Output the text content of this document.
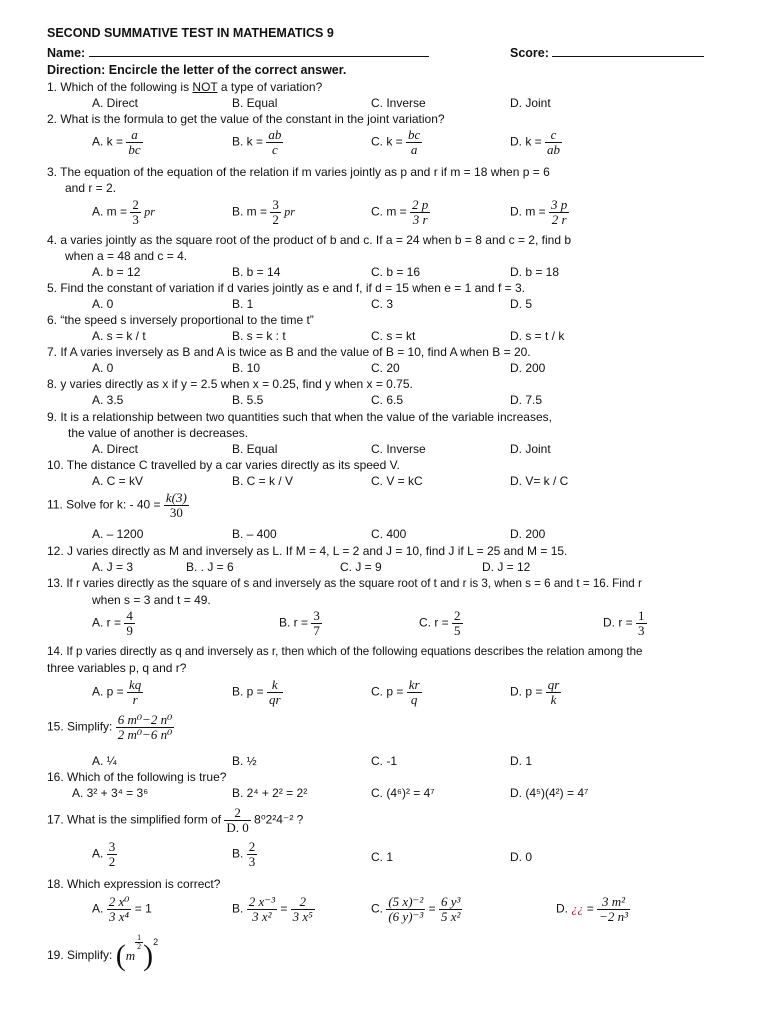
SECOND SUMMATIVE TEST IN MATHEMATICS 9
Name:	Score:
Direction: Encircle the letter of the correct answer.
1. Which of the following is NOT a type of variation?
A. Direct	B. Equal	C. Inverse	D. Joint
2. What is the formula to get the value of the constant in the joint variation?
A. $k = \frac{a}{bc}$	B. $k = \frac{ab}{c}$	C. $k = \frac{bc}{a}$	D. $k = \frac{c}{ab}$
3. The equation of the equation of the relation if m varies jointly as p and r if m = 18 when p = 6
and r = 2.
A. $m = \frac{2}{3}$ pr	B. $m = \frac{3}{2}$ pr	C. $m = \frac{2 p}{3 r}$	D. $m = \frac{3 p}{2 r}$
4. a varies jointly as the square root of the product of b and c. If a = 24 when b = 8 and c = 2, find b
when a = 48 and c = 4.
A. b = 12	B. b = 14	C. b = 16	D. b = 18
5. Find the constant of variation if d varies jointly as e and f, if d = 15 when e = 1 and f = 3.
A. 0	B. 1	C. 3	D. 5
6. “the speed s inversely proportional to the time t”
A. s = k / t	B. s = k : t	C. s = kt	D. s = t / k
7. If A varies inversely as B and A is twice as B and the value of B = 10, find A when B = 20.
A. 0	B. 10	C. 20	D. 200
8. y varies directly as x if y = 2.5 when x = 0.25, find y when x = 0.75.
A. 3.5	B. 5.5	C. 6.5	D. 7.5
9. It is a relationship between two quantities such that when the value of the variable increases,
the value of another is decreases.
A. Direct	B. Equal	C. Inverse	D. Joint
10. The distance C travelled by a car varies directly as its speed V.
A. C = kV	B. C = k / V	C. V = kC	D. V= k / C
11. Solve for k: - $40 = \frac{k(3)}{30}$
A. – 1200	B. – 400	C. 400	D. 200
12. J varies directly as M and inversely as L. If M = 4, L = 2 and J = 10, find J if L = 25 and M = 15.
A. J = 3	B. . J = 6	C. J = 9	D. J = 12
13. If r varies directly as the square of s and inversely as the square root of t and r is 3, when s = 6 and t = 16. Find r
when s = 3 and t = 49.
A. $r = \frac{4}{9}$	B. $r = \frac{3}{7}$	C. $r = \frac{2}{5}$	D. $r = \frac{1}{3}$
14. If p varies directly as q and inversely as r, then which of the following equations describes the relation among the
three variables p, q and r?
A. $p = \frac{kq}{r}$	B. $p = \frac{k}{qr}$	C. $p = \frac{kr}{q}$	D. $p = \frac{qr}{k}$
15. Simplify: $\frac{\text{6 m⁰−2 n⁰}}{\text{2 m⁰−6 n⁰}}$
A. ¼	B. ½	C. -1	D. 1
16. Which of the following is true?
A. 3² + 3⁴ = 3⁶	B. 2⁴ + 2² = 2²	C. (4⁶)² = 4⁷	D. (4⁵)(4²) = 4⁷
17. What is the simplified form of $\frac{2}{D. 0} 8^02^24^{-2}$ ?
A. $\frac{3}{2}$	B. $\frac{2}{3}$	C. 1	D. 0
18. Which expression is correct?
A. $\frac{\text{2 x⁰}}{\text{3 x⁴}} = 1$	B. $\frac{\text{2 x⁻³}}{\text{3 x²}} = \frac{2}{\text{3 x⁵}}$	C. $\frac{\text{(5 x)⁻²}}{\text{(6 y)⁻³}} = \frac{\text{6 y³}}{\text{5 x²}}$	D. ¿¿ = $\frac{\text{3 m²}}{\text{−2 n³}}$
19. Simplify: (m
$\frac{1}{2} )^2$
